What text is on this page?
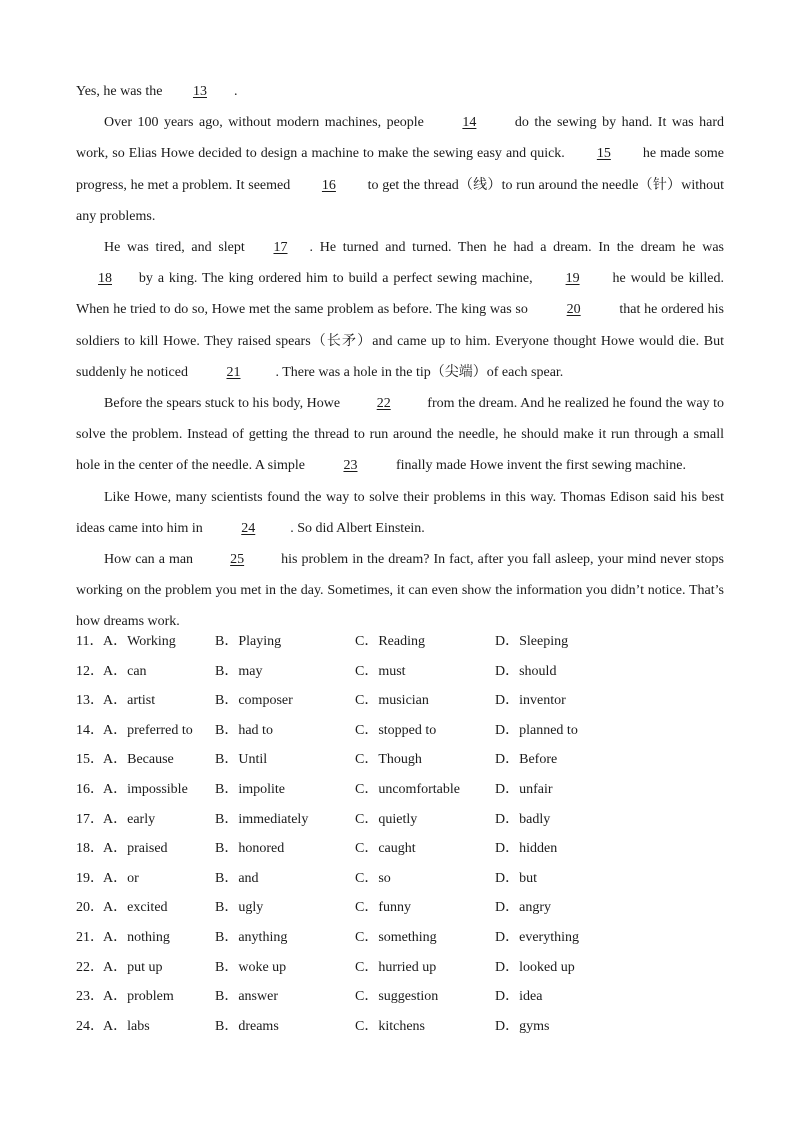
Yes, he was the 13 .

Over 100 years ago, without modern machines, people 14 do the sewing by hand. It was hard work, so Elias Howe decided to design a machine to make the sewing easy and quick. 15 he made some progress, he met a problem. It seemed 16 to get the thread（线）to run around the needle（针）without any problems.

He was tired, and slept 17 . He turned and turned. Then he had a dream. In the dream he was 18 by a king. The king ordered him to build a perfect sewing machine, 19 he would be killed. When he tried to do so, Howe met the same problem as before. The king was so	20	that he ordered his soldiers to kill Howe. They raised spears（长矛）and came up to him. Everyone thought Howe would die. But suddenly he noticed	21	. There was a hole in the tip（尖端）of each spear.

Before the spears stuck to his body, Howe 22 from the dream. And he realized he found the way to solve the problem. Instead of getting the thread to run around the needle, he should make it run through a small hole in the center of the needle. A simple	23	finally made Howe invent the first sewing machine.

Like Howe, many scientists found the way to solve their problems in this way. Thomas Edison said his best ideas came into him in	24	. So did Albert Einstein.

How can a man 25 his problem in the dream? In fact, after you fall asleep, your mind never stops working on the problem you met in the day. Sometimes, it can even show the information you didn’t notice. That’s how dreams work.

11． A．Working	B．Playing	C．Reading	D．Sleeping
12． A．can	B．may	C．must	D．should
13． A．artist	B．composer	C．musician	D．inventor
14． A．preferred to B．had to	C．stopped to	D．planned to
15． A．Because	B．Until	C．Though	D．Before
16． A．impossible B．impolite	C．uncomfortable	D．unfair
17． A．early	B．immediately	C．quietly	D．badly
18． A．praised	B．honored	C．caught	D．hidden
19． A．or	B．and	C．so	D．but
20． A．excited	B．ugly	C．funny	D．angry
21． A．nothing	B．anything	C．something	D．everything
22． A．put up	B．woke up	C．hurried up	D．looked up
23． A．problem	B．answer	C．suggestion	D．idea
24． A．labs	B．dreams	C．kitchens	D．gyms
